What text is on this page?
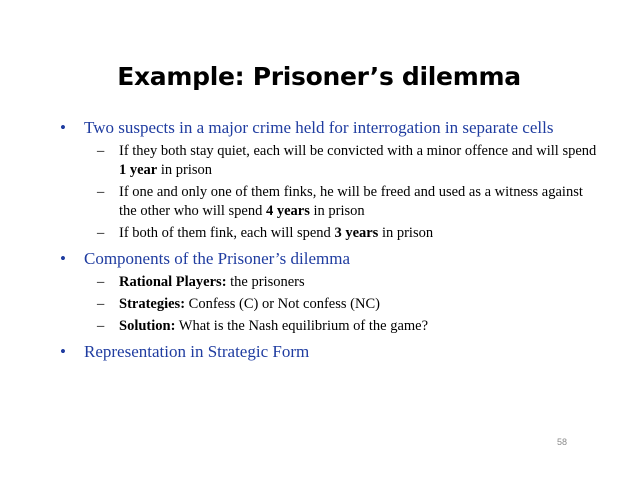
Example: Prisoner’s dilemma
• Two suspects in a major crime held for interrogation in separate cells
– If they both stay quiet, each will be convicted with a minor offence and will spend 1 year in prison
– If one and only one of them finks, he will be freed and used as a witness against the other who will spend 4 years in prison
– If both of them fink, each will spend 3 years in prison
• Components of the Prisoner’s dilemma
– Rational Players: the prisoners
– Strategies: Confess (C) or Not confess (NC)
– Solution: What is the Nash equilibrium of the game?
• Representation in Strategic Form
58
